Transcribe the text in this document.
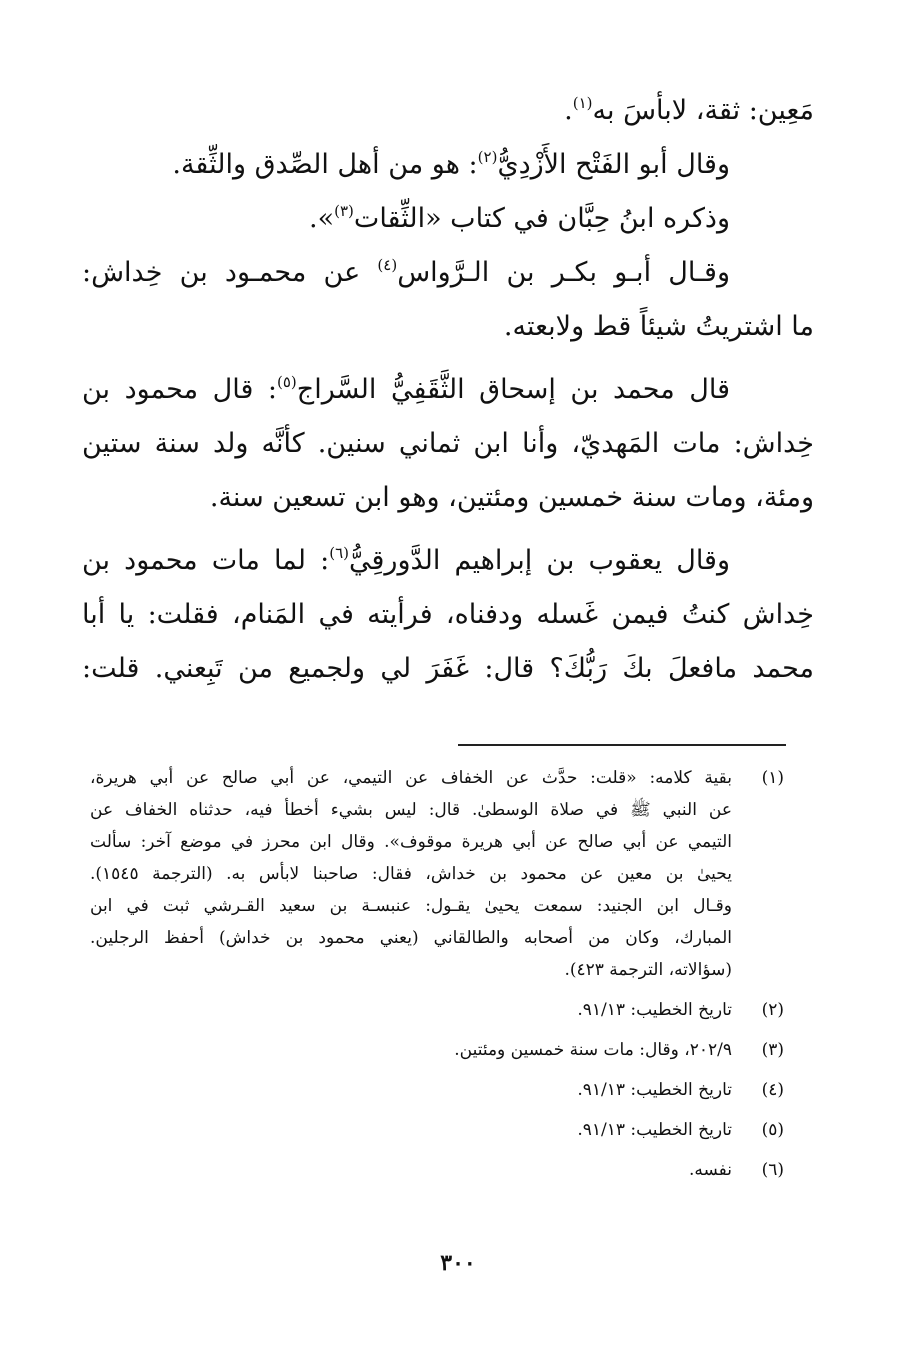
مَعِين: ثقة، لابأسَ به$^{(١)}$.
وقال أبو الفَتْح الأَزْدِيُّ$^{(٢)}$: هو من أهل الصِّدق والثِّقة.
وذكره ابنُ حِبَّان في كتاب «الثِّقات$^{(٣)}$».
وقـال أبـو بكـر بن الـرَّواس$^{(٤)}$ عن محمـود بن خِداش:
ما اشتريتُ شيئاً قط ولابعته.
قال محمد بن إسحاق الثَّقَفِيُّ السَّراج$^{(٥)}$: قال محمود بن
خِداش: مات المَهديّ، وأنا ابن ثماني سنين. كأنَّه ولد سنة ستين
ومئة، ومات سنة خمسين ومئتين، وهو ابن تسعين سنة.
وقال يعقوب بن إبراهيم الدَّورقِيُّ$^{(٦)}$: لما مات محمود بن
خِداش كنتُ فيمن غَسله ودفناه، فرأيته في المَنام، فقلت: يا أبا
محمد مافعلَ بكَ رَبُّكَ؟ قال: غَفَرَ لي ولجميع من تَبِعني. قلت:
(١)
بقية كلامه: «قلت: حدَّث عن الخفاف عن التيمي، عن أبي صالح عن أبي هريرة،
عن النبي ﷺ في صلاة الوسطىٰ. قال: ليس بشيء أخطأ فيه، حدثناه الخفاف عن
التيمي عن أبي صالح عن أبي هريرة موقوف». وقال ابن محرز في موضع آخر: سألت
يحيىٰ بن معين عن محمود بن خداش، فقال: صاحبنا لابأس به. (الترجمة ١٥٤٥).
وقـال ابن الجنيد: سمعت يحيىٰ يقـول: عنبسـة بن سعيد القـرشي ثبت في ابن
المبارك، وكان من أصحابه والطالقاني (يعني محمود بن خداش) أحفظ الرجلين.
(سؤالاته، الترجمة ٤٢٣).
(٢)
تاريخ الخطيب: ٩١/١٣.
(٣)
٢٠٢/٩، وقال: مات سنة خمسين ومئتين.
(٤)
تاريخ الخطيب: ٩١/١٣.
(٥)
تاريخ الخطيب: ٩١/١٣.
(٦)
نفسه.
٣٠٠
